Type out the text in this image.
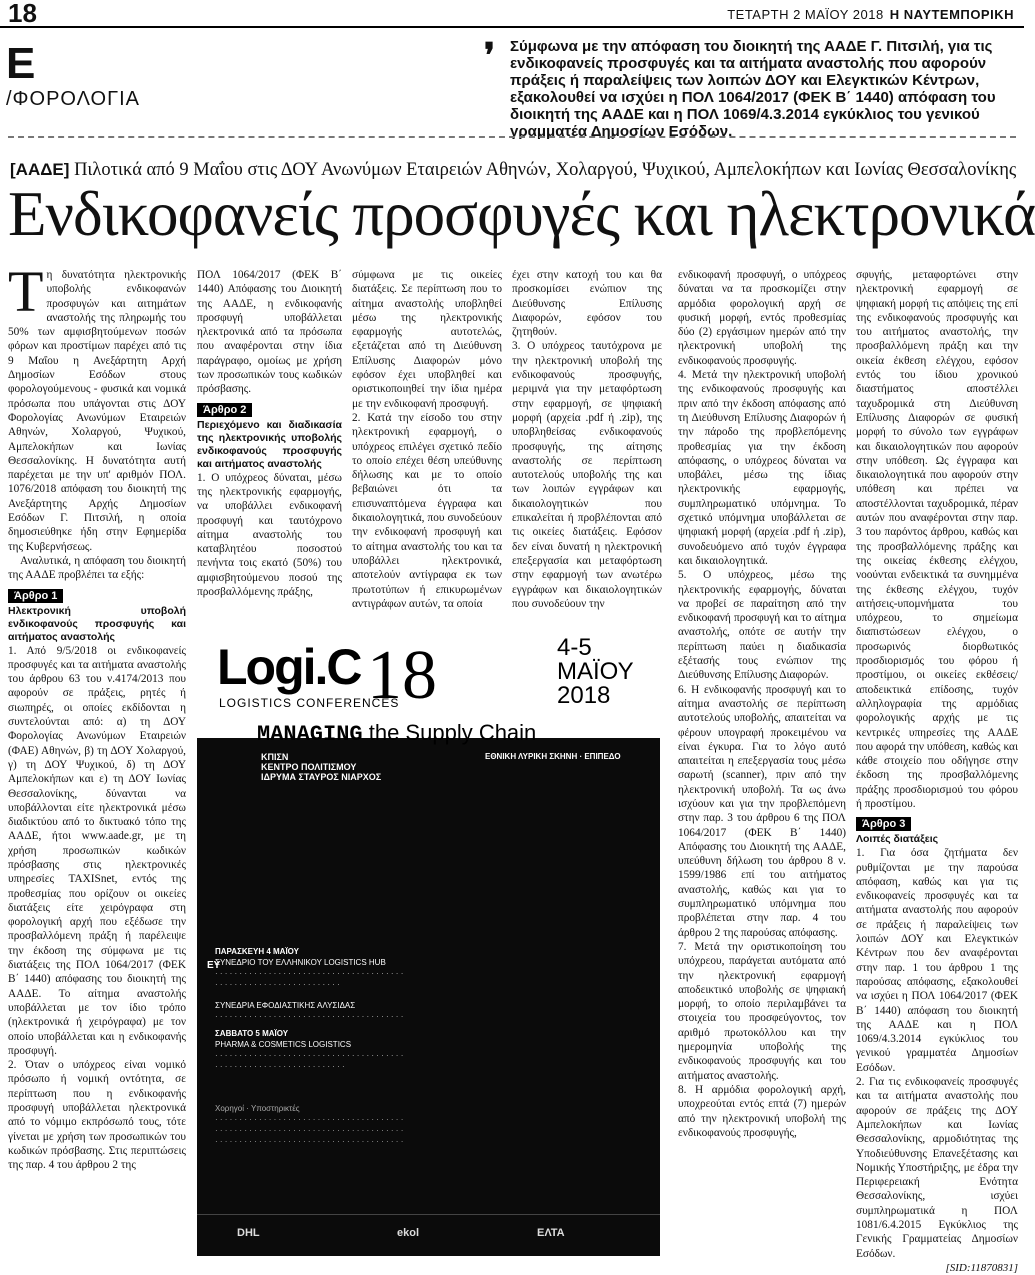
18	ΤΕΤΑΡΤΗ 2 ΜΑΪΟΥ 2018 Η ΝΑΥΤΕΜΠΟΡΙΚΗ
E
/ΦΟΡΟΛΟΓΙΑ
❜ Σύμφωνα με την απόφαση του διοικητή της ΑΑΔΕ Γ. Πιτσιλή, για τις ενδικοφανείς προσφυγές και τα αιτήματα αναστολής που αφορούν πράξεις ή παραλείψεις των λοιπών ΔΟΥ και Ελεγκτικών Κέντρων, εξακολουθεί να ισχύει η ΠΟΛ 1064/2017 (ΦΕΚ Β΄ 1440) απόφαση του διοικητή της ΑΑΔΕ και η ΠΟΛ 1069/4.3.2014 εγκύκλιος του γενικού γραμματέα Δημοσίων Εσόδων.
[ΑΑΔΕ] Πιλοτικά από 9 Μαΐου στις ΔΟΥ Ανωνύμων Εταιρειών Αθηνών, Χολαργού, Ψυχικού, Αμπελοκήπων και Ιωνίας Θεσσαλονίκης
Ενδικοφανείς προσφυγές και ηλεκτρονικά

Τη δυνατότητα ηλεκτρονικής υποβολής ενδικοφανών προσφυγών και αιτημάτων αναστολής της πληρωμής του 50% των αμφισβητούμενων ποσών φόρων και προστίμων παρέχει από τις 9 Μαΐου η Ανεξάρτητη Αρχή Δημοσίων Εσόδων στους φορολογούμενους - φυσικά και νομικά πρόσωπα που υπάγονται στις ΔΟΥ Φορολογίας Ανωνύμων Εταιρειών Αθηνών, Χολαργού, Ψυχικού, Αμπελοκήπων και Ιωνίας Θεσσαλονίκης. Η δυνατότητα αυτή παρέχεται με την υπ' αριθμόν ΠΟΛ. 1076/2018 απόφαση του διοικητή της Ανεξάρτητης Αρχής Δημοσίων Εσόδων Γ. Πιτσιλή, η οποία δημοσιεύθηκε ήδη στην Εφημερίδα της Κυβερνήσεως.

Αναλυτικά, η απόφαση του διοικητή της ΑΑΔΕ προβλέπει τα εξής:

Άρθρο 1
Ηλεκτρονική υποβολή ενδικοφανούς προσφυγής και αιτήματος αναστολής

1. Από 9/5/2018 οι ενδικοφανείς προσφυγές και τα αιτήματα αναστολής του άρθρου 63 του ν.4174/2013 που αφορούν σε πράξεις, ρητές ή σιωπηρές, οι οποίες εκδίδονται η συντελούνται από: α) τη ΔΟΥ Φορολογίας Ανωνύμων Εταιρειών (ΦΑΕ) Αθηνών, β) τη ΔΟΥ Χολαργού, γ) τη ΔΟΥ Ψυχικού, δ) τη ΔΟΥ Αμπελοκήπων και ε) τη ΔΟΥ Ιωνίας Θεσσαλονίκης, δύνανται να υποβάλλονται είτε ηλεκτρονικά μέσω διαδικτύου από το δικτυακό τόπο της ΑΑΔΕ, ήτοι www.aade.gr, με τη χρήση προσωπικών κωδικών πρόσβασης στις ηλεκτρονικές υπηρεσίες TAXISnet, εντός της προθεσμίας που ορίζουν οι οικείες διατάξεις είτε χειρόγραφα στη φορολογική αρχή που εξέδωσε την προσβαλλόμενη πράξη ή παρέλειψε την έκδοση της σύμφωνα με τις διατάξεις της ΠΟΛ 1064/2017 (ΦΕΚ Β΄ 1440) απόφασης του διοικητή της ΑΑΔΕ. Το αίτημα αναστολής υποβάλλεται με τον ίδιο τρόπο (ηλεκτρονικά ή χειρόγραφα) με τον οποίο υποβάλλεται και η ενδικοφανής προσφυγή.

2. Όταν ο υπόχρεος είναι νομικό πρόσωπο ή νομική οντότητα, σε περίπτωση που η ενδικοφανής προσφυγή υποβάλλεται ηλεκτρονικά από το νόμιμο εκπρόσωπό τους, τότε γίνεται με χρήση των προσωπικών του κωδικών πρόσβασης. Στις περιπτώσεις της παρ. 4 του άρθρου 2 της

ΠΟΛ 1064/2017 (ΦΕΚ Β΄ 1440) Απόφασης του Διοικητή της ΑΑΔΕ, η ενδικοφανής προσφυγή υποβάλλεται ηλεκτρονικά από τα πρόσωπα που αναφέρονται στην ίδια παράγραφο, ομοίως με χρήση των προσωπικών τους κωδικών πρόσβασης.

Άρθρο 2
Περιεχόμενο και διαδικασία της ηλεκτρονικής υποβολής ενδικοφανούς προσφυγής και αιτήματος αναστολής

1. Ο υπόχρεος δύναται, μέσω της ηλεκτρονικής εφαρμογής, να υποβάλλει ενδικοφανή προσφυγή και ταυτόχρονο αίτημα αναστολής του καταβλητέου ποσοστού πενήντα τοις εκατό (50%) του αμφισβητούμενου ποσού της προσβαλλόμενης πράξης,

σύμφωνα με τις οικείες διατάξεις. Σε περίπτωση που το αίτημα αναστολής υποβληθεί μέσω της ηλεκτρονικής εφαρμογής αυτοτελώς, εξετάζεται από τη Διεύθυνση Επίλυσης Διαφορών μόνο εφόσον έχει υποβληθεί και οριστικοποιηθεί την ίδια ημέρα με την ενδικοφανή προσφυγή.

2. Κατά την είσοδο του στην ηλεκτρονική εφαρμογή, ο υπόχρεος επιλέγει σχετικό πεδίο το οποίο επέχει θέση υπεύθυνης δήλωσης και με το οποίο βεβαιώνει ότι τα επισυναπτόμενα έγγραφα και δικαιολογητικά, που συνοδεύουν την ενδικοφανή προσφυγή και το αίτημα αναστολής του και τα υποβάλλει ηλεκτρονικά, αποτελούν αντίγραφα εκ των πρωτοτύπων ή επικυρωμένων αντιγράφων αυτών, τα οποία

έχει στην κατοχή του και θα προσκομίσει ενώπιον της Διεύθυνσης Επίλυσης Διαφορών, εφόσον του ζητηθούν.

3. Ο υπόχρεος ταυτόχρονα με την ηλεκτρονική υποβολή της ενδικοφανούς προσφυγής, μεριμνά για την μεταφόρτωση στην εφαρμογή, σε ψηφιακή μορφή (αρχεία .pdf ή .zip), της υποβληθείσας ενδικοφανούς προσφυγής, της αίτησης αναστολής σε περίπτωση αυτοτελούς υποβολής της και των λοιπών εγγράφων και δικαιολογητικών που επικαλείται ή προβλέπονται από τις οικείες διατάξεις. Εφόσον δεν είναι δυνατή η ηλεκτρονική επεξεργασία και μεταφόρτωση στην εφαρμογή των ανωτέρω εγγράφων και δικαιολογητικών που συνοδεύουν την

ενδικοφανή προσφυγή, ο υπόχρεος δύναται να τα προσκομίζει στην αρμόδια φορολογική αρχή σε φυσική μορφή, εντός προθεσμίας δύο (2) εργάσιμων ημερών από την ηλεκτρονική υποβολή της ενδικοφανούς προσφυγής.

4. Μετά την ηλεκτρονική υποβολή της ενδικοφανούς προσφυγής και πριν από την έκδοση απόφασης από τη Διεύθυνση Επίλυσης Διαφορών ή την πάροδο της προβλεπόμενης προθεσμίας για την έκδοση απόφασης, ο υπόχρεος δύναται να υποβάλει, μέσω της ίδιας ηλεκτρονικής εφαρμογής, συμπληρωματικό υπόμνημα. Το σχετικό υπόμνημα υποβάλλεται σε ψηφιακή μορφή (αρχεία .pdf ή .zip), συνοδευόμενο από τυχόν έγγραφα και δικαιολογητικά.

5. Ο υπόχρεος, μέσω της ηλεκτρονικής εφαρμογής, δύναται να προβεί σε παραίτηση από την ενδικοφανή προσφυγή και το αίτημα αναστολής, οπότε σε αυτήν την περίπτωση παύει η διαδικασία εξέτασής τους ενώπιον της Διεύθυνσης Επίλυσης Διαφορών.

6. Η ενδικοφανής προσφυγή και το αίτημα αναστολής σε περίπτωση αυτοτελούς υποβολής, απαιτείται να φέρουν υπογραφή προκειμένου να είναι έγκυρα. Για το λόγο αυτό απαιτείται η επεξεργασία τους μέσω σαρωτή (scanner), πριν από την ηλεκτρονική υποβολή. Τα ως άνω ισχύουν και για την προβλεπόμενη στην παρ. 3 του άρθρου 6 της ΠΟΛ 1064/2017 (ΦΕΚ Β΄ 1440) Απόφασης του Διοικητή της ΑΑΔΕ, υπεύθυνη δήλωση του άρθρου 8 ν. 1599/1986 επί του αιτήματος αναστολής, καθώς και για το συμπληρωματικό υπόμνημα που προβλέπεται στην παρ. 4 του άρθρου 2 της παρούσας απόφασης.

7. Μετά την οριστικοποίηση του υπόχρεου, παράγεται αυτόματα από την ηλεκτρονική εφαρμογή αποδεικτικό υποβολής σε ψηφιακή μορφή, το οποίο περιλαμβάνει τα στοιχεία του προσφεύγοντος, τον αριθμό πρωτοκόλλου και την ημερομηνία υποβολής της ενδικοφανούς προσφυγής και του αιτήματος αναστολής.

8. Η αρμόδια φορολογική αρχή, υποχρεούται εντός επτά (7) ημερών από την ηλεκτρονική υποβολή της ενδικοφανούς προσφυγής,

σφυγής, μεταφορτώνει στην ηλεκτρονική εφαρμογή σε ψηφιακή μορφή τις απόψεις της επί της ενδικοφανούς προσφυγής και του αιτήματος αναστολής, την προσβαλλόμενη πράξη και την οικεία έκθεση ελέγχου, εφόσον εντός του ίδιου χρονικού διαστήματος αποστέλλει ταχυδρομικά στη Διεύθυνση Επίλυσης Διαφορών σε φυσική μορφή το σύνολο των εγγράφων και δικαιολογητικών που αφορούν στην υπόθεση. Ως έγγραφα και δικαιολογητικά που αφορούν στην υπόθεση και πρέπει να αποστέλλονται ταχυδρομικά, πέραν αυτών που αναφέρονται στην παρ. 3 του παρόντος άρθρου, καθώς και της προσβαλλόμενης πράξης και της οικείας έκθεσης ελέγχου, νοούνται ενδεικτικά τα συνημμένα της έκθεσης ελέγχου, τυχόν αιτήσεις-υπομνήματα του υπόχρεου, το σημείωμα διαπιστώσεων ελέγχου, ο προσωρινός διορθωτικός προσδιορισμός του φόρου ή προστίμου, οι οικείες εκθέσεις/αποδεικτικά επίδοσης, τυχόν αλληλογραφία της αρμόδιας φορολογικής αρχής με τις κεντρικές υπηρεσίες της ΑΑΔΕ που αφορά την υπόθεση, καθώς και κάθε στοιχείο που οδήγησε στην έκδοση της προσβαλλόμενης πράξης προσδιορισμού του φόρου ή προστίμου.

Άρθρο 3
Λοιπές διατάξεις

1. Για όσα ζητήματα δεν ρυθμίζονται με την παρούσα απόφαση, καθώς και για τις ενδικοφανείς προσφυγές και τα αιτήματα αναστολής που αφορούν σε πράξεις ή παραλείψεις των λοιπών ΔΟΥ και Ελεγκτικών Κέντρων που δεν αναφέρονται στην παρ. 1 του άρθρου 1 της παρούσας απόφασης, εξακολουθεί να ισχύει η ΠΟΛ 1064/2017 (ΦΕΚ Β΄ 1440) απόφαση του διοικητή της ΑΑΔΕ και η ΠΟΛ 1069/4.3.2014 εγκύκλιος του γενικού γραμματέα Δημοσίων Εσόδων.

2. Για τις ενδικοφανείς προσφυγές και τα αιτήματα αναστολής που αφορούν σε πράξεις της ΔΟΥ Αμπελοκήπων και Ιωνίας Θεσσαλονίκης, αρμοδιότητας της Υποδιεύθυνσης Επανεξέτασης και Νομικής Υποστήριξης, με έδρα την Περιφερειακή Ενότητα Θεσσαλονίκης, ισχύει συμπληρωματικά η ΠΟΛ 1081/6.4.2015 Εγκύκλιος της Γενικής Γραμματείας Δημοσίων Εσόδων.

[SID:11870831]
Logi.C 18
LOGISTICS CONFERENCES
4-5
ΜΑΪΟΥ
2018
MANAGING the Supply Chain
ΚΠΙΣΝ
ΚΕΝΤΡΟ ΠΟΛΙΤΙΣΜΟΥ
ΙΔΡΥΜΑ ΣΤΑΥΡΟΣ ΝΙΑΡΧΟΣ
ΕΘΝΙΚΗ ΛΥΡΙΚΗ ΣΚΗΝΗ · ΕΠΙΠΕΔΟ
ΕΥ
ΠΑΡΑΣΚΕΥΗ 4 ΜΑΪΟΥ
ΣΥΝΕΔΡΙΟ ΤΟΥ ΕΛΛΗΝΙΚΟΥ LOGISTICS HUB
· · · · · · · · · · · · · · · · · · · · · · · · · · · · · · · · · · · · · · ·
· · · · · · · · · · · · · · · · · · · · · · · · · ·
ΣΥΝΕΔΡΙΑ ΕΦΟΔΙΑΣΤΙΚΗΣ ΑΛΥΣΙΔΑΣ
· · · · · · · · · · · · · · · · · · · · · · · · · · · · · · · · · · · · · · ·
ΣΑΒΒΑΤΟ 5 ΜΑΪΟΥ
PHARMA & COSMETICS LOGISTICS
· · · · · · · · · · · · · · · · · · · · · · · · · · · · · · · · · · · · · · ·
· · · · · · · · · · · · · · · · · · · · · · · · · · ·
Χορηγοί · Υποστηρικτές
· · · · · · · · · · · · · · · · · · · · · · · · · · · · · · · · · · · · · · ·
· · · · · · · · · · · · · · · · · · · · · · · · · · · · · · · · · · · · · · ·
· · · · · · · · · · · · · · · · · · · · · · · · · · · · · · · · · · · · · · ·
DHL	ekol	ΕΛΤΑ
